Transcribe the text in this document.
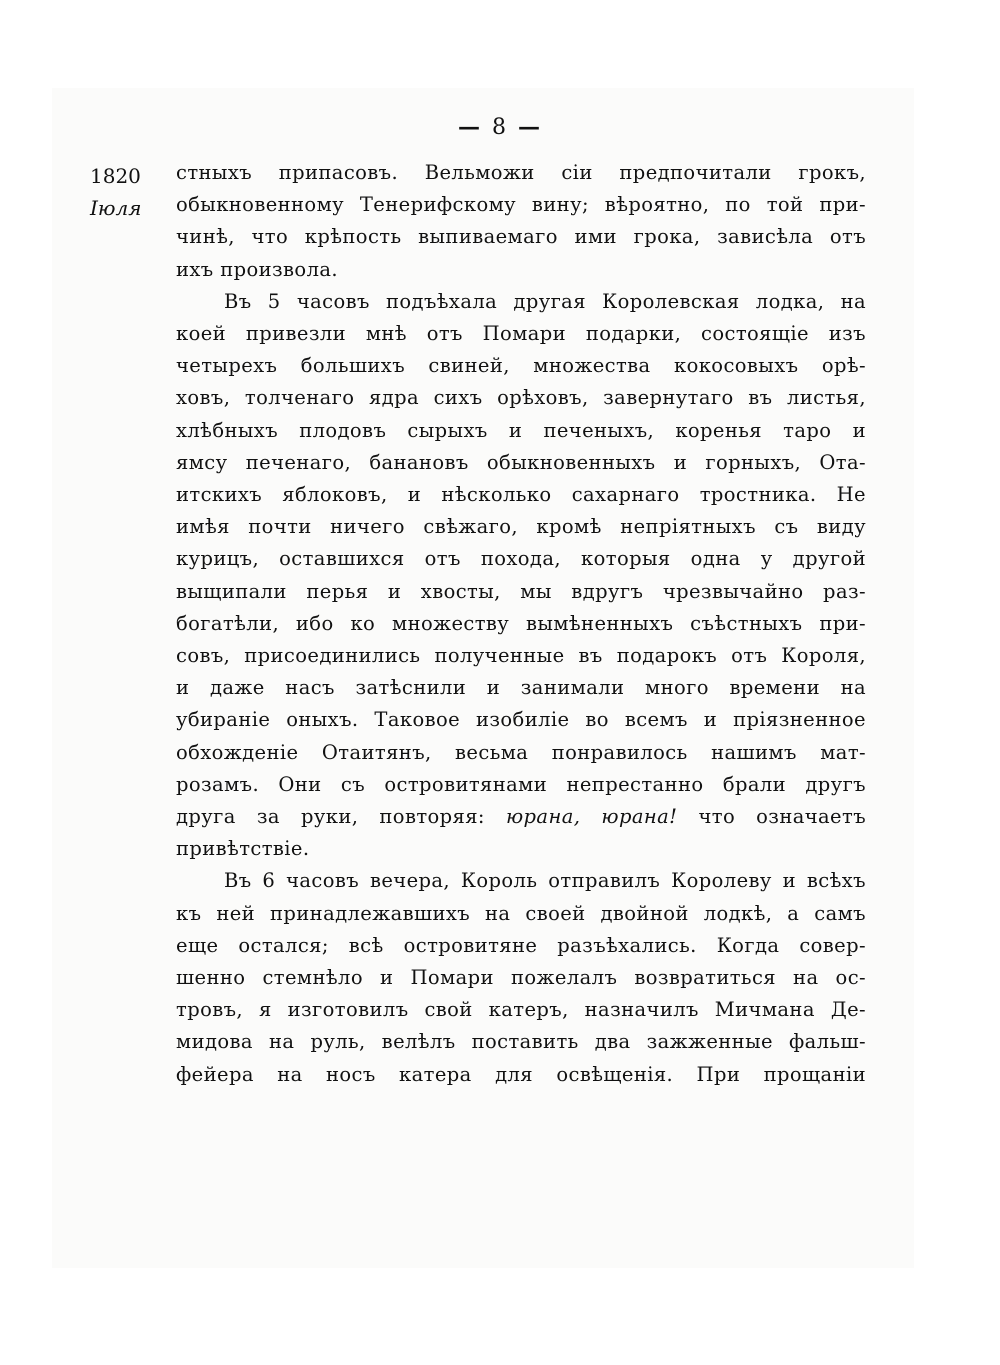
— 8 —
1820
Іюля
стныхъ припасовъ. Вельможи сіи предпочитали грокъ,
обыкновенному Тенерифскому вину; вѣроятно, по той при-
чинѣ, что крѣпость выпиваемаго ими грока, зависѣла отъ
ихъ произвола.
Въ 5 часовъ подъѣхала другая Королевская лодка, на
коей привезли мнѣ отъ Помари подарки, состоящіе изъ
четырехъ большихъ свиней, множества кокосовыхъ орѣ-
ховъ, толченаго ядра сихъ орѣховъ, завернутаго въ листья,
хлѣбныхъ плодовъ сырыхъ и печеныхъ, коренья таро и
ямсу печенаго, банановъ обыкновенныхъ и горныхъ, Ота-
итскихъ яблоковъ, и нѣсколько сахарнаго тростника. Не
имѣя почти ничего свѣжаго, кромѣ непріятныхъ съ виду
курицъ, оставшихся отъ похода, которыя одна у другой
выщипали перья и хвосты, мы вдругъ чрезвычайно раз-
богатѣли, ибо ко множеству вымѣненныхъ съѣстныхъ при-
совъ, присоединились полученные въ подарокъ отъ Короля,
и даже насъ затѣснили и занимали много времени на
убираніе оныхъ. Таковое изобиліе во всемъ и пріязненное
обхожденіе Отаитянъ, весьма понравилось нашимъ мат-
розамъ. Они съ островитянами непрестанно брали другъ
друга за руки, повторяя: юрана, юрана! что означаетъ
привѣтствіе.
Въ 6 часовъ вечера, Король отправилъ Королеву и всѣхъ
къ ней принадлежавшихъ на своей двойной лодкѣ, а самъ
еще остался; всѣ островитяне разъѣхались. Когда совер-
шенно стемнѣло и Помари пожелалъ возвратиться на ос-
тровъ, я изготовилъ свой катеръ, назначилъ Мичмана Де-
мидова на руль, велѣлъ поставить два зажженные фальш-
фейера на носъ катера для освѣщенія. При прощаніи
